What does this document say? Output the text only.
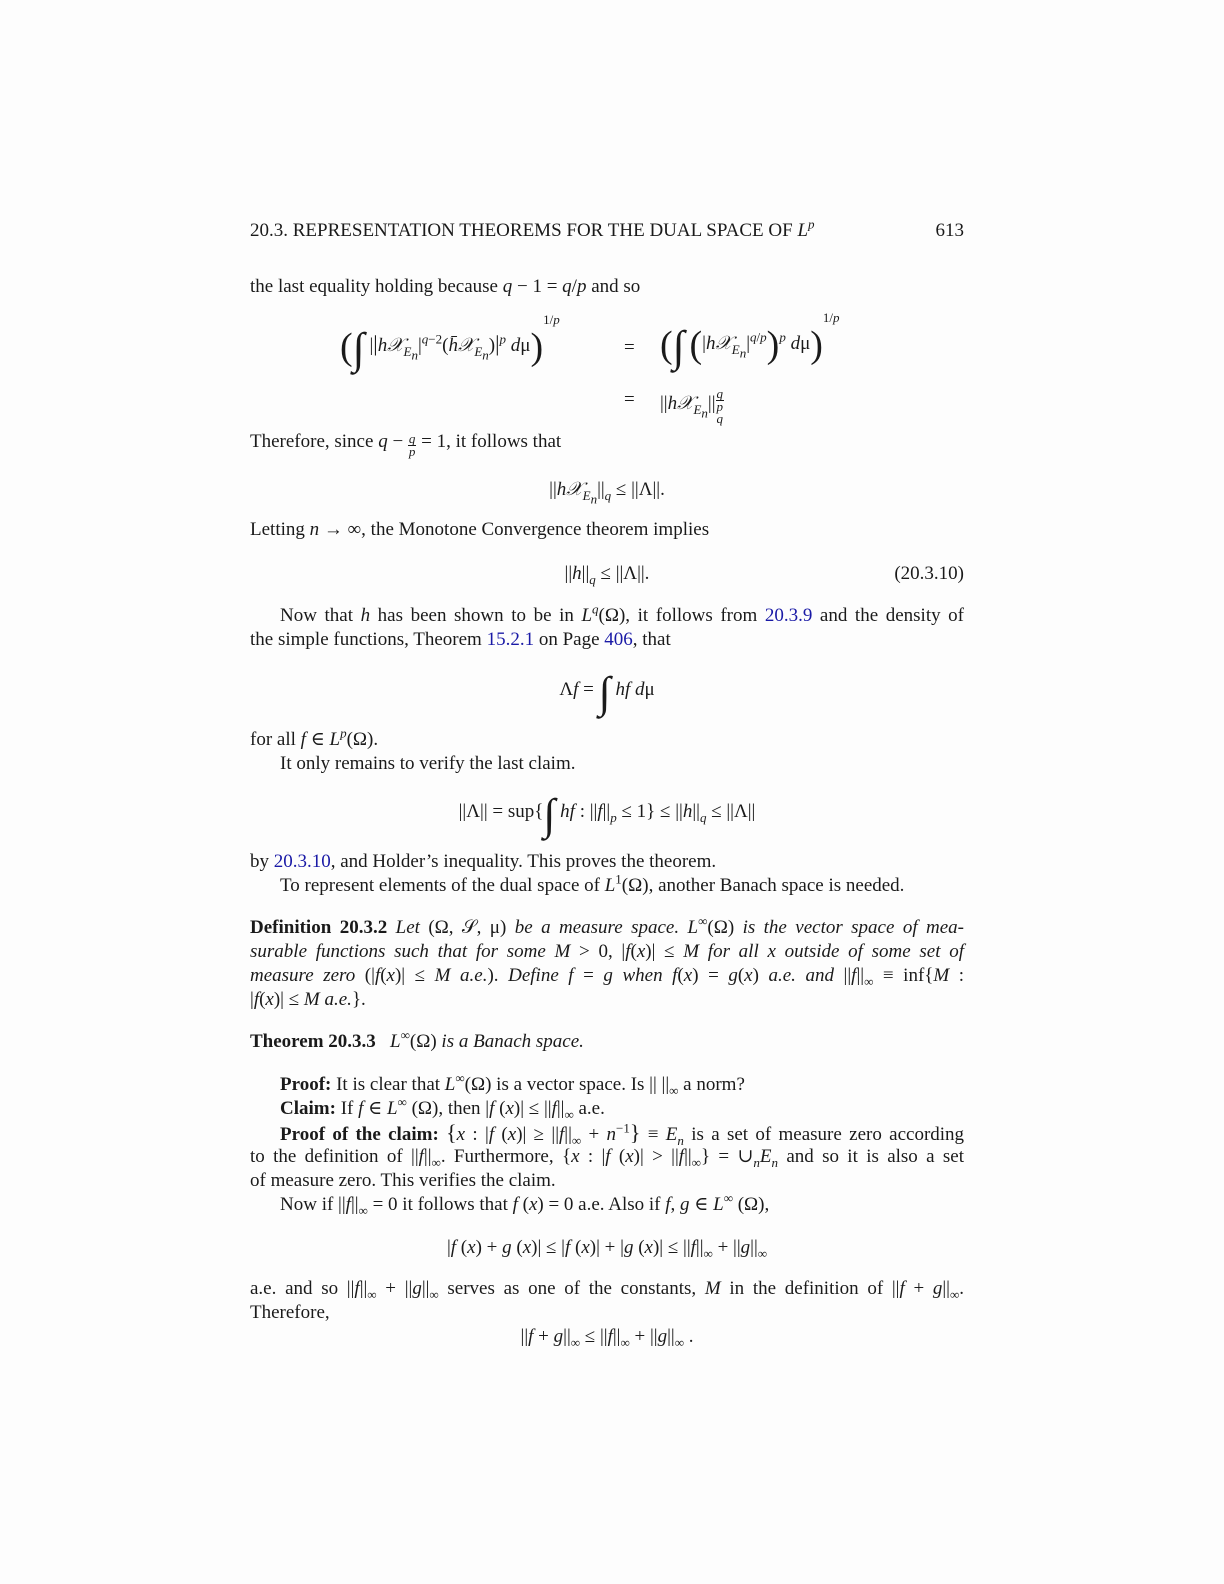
20.3. REPRESENTATION THEOREMS FOR THE DUAL SPACE OF $L^p$	613
the last equality holding because q − 1 = q/p and so
(∫ $||h𝒳_{E_n}|^{q-2}(h̄𝒳_{E_n})|^p$ dμ)$^{1/p}$
= (∫ $(|h𝒳_{E_n}|^{q/p})^p$ dμ)$^{1/p}$
= ||h𝒳$_{E_n}$|| q
p
q
Therefore, since $q - \frac{q}{p} = 1$, it follows that
$||h𝒳_{E_n}||_q \le ||\Lambda||$.
Letting n → ∞, the Monotone Convergence theorem implies
$||h||_q \le ||\Lambda||$.	(20.3.10)
Now that h has been shown to be in $L^q(\Omega)$, it follows from 20.3.9 and the density of
the simple functions, Theorem 15.2.1 on Page 406, that
Λf = ∫ hf dμ
for all f ∈ $L^p(\Omega)$.
It only remains to verify the last claim.
||Λ|| = sup{∫ hf : $||f||_p \le 1\} \le ||h||_q \le ||\Lambda||$
by 20.3.10, and Holder’s inequality. This proves the theorem.
To represent elements of the dual space of $L^1(\Omega)$, another Banach space is needed.
Definition 20.3.2 Let (Ω, 𝒮, μ) be a measure space. L∞(Ω) is the vector space of mea-
surable functions such that for some M > 0, |f(x)| ≤ M for all x outside of some set of
measure zero (|f(x)| ≤ M a.e.). Define f = g when f(x) = g(x) a.e. and $||f||_\infty \equiv inf\{M$ :
|f(x)| ≤ M a.e.}.
Theorem 20.3.3 L∞(Ω) is a Banach space.
Proof: It is clear that L∞(Ω) is a vector space. Is || $||_\infty$ a norm?
Claim: If f ∈ L∞ (Ω), then |f $(x)| \le ||f||_\infty$ a.e.
Proof of the claim: {x : |f $(x)| \ge ||f||_\infty + n^{-1}\} \equiv E_n$ is a set of measure zero according
to the definition of $||f||_\infty$. Furthermore, {x : |f $(x)| > ||f||_\infty$} = $\cup_nE_n$ and so it is also a set
of measure zero. This verifies the claim.
Now if $||f||_\infty = 0$ it follows that f (x) = 0 a.e. Also if f, g ∈ L∞ (Ω),
|f (x) + g (x)| ≤ |f (x)| + |g $(x)| \le ||f||_\infty + ||g||_\infty$
a.e. and so $||f||_\infty + ||g||_\infty$ serves as one of the constants, M in the definition of $||f + g||_\infty$.
Therefore,
$||f + g||_\infty \le ||f||_\infty + ||g||_\infty$ .
